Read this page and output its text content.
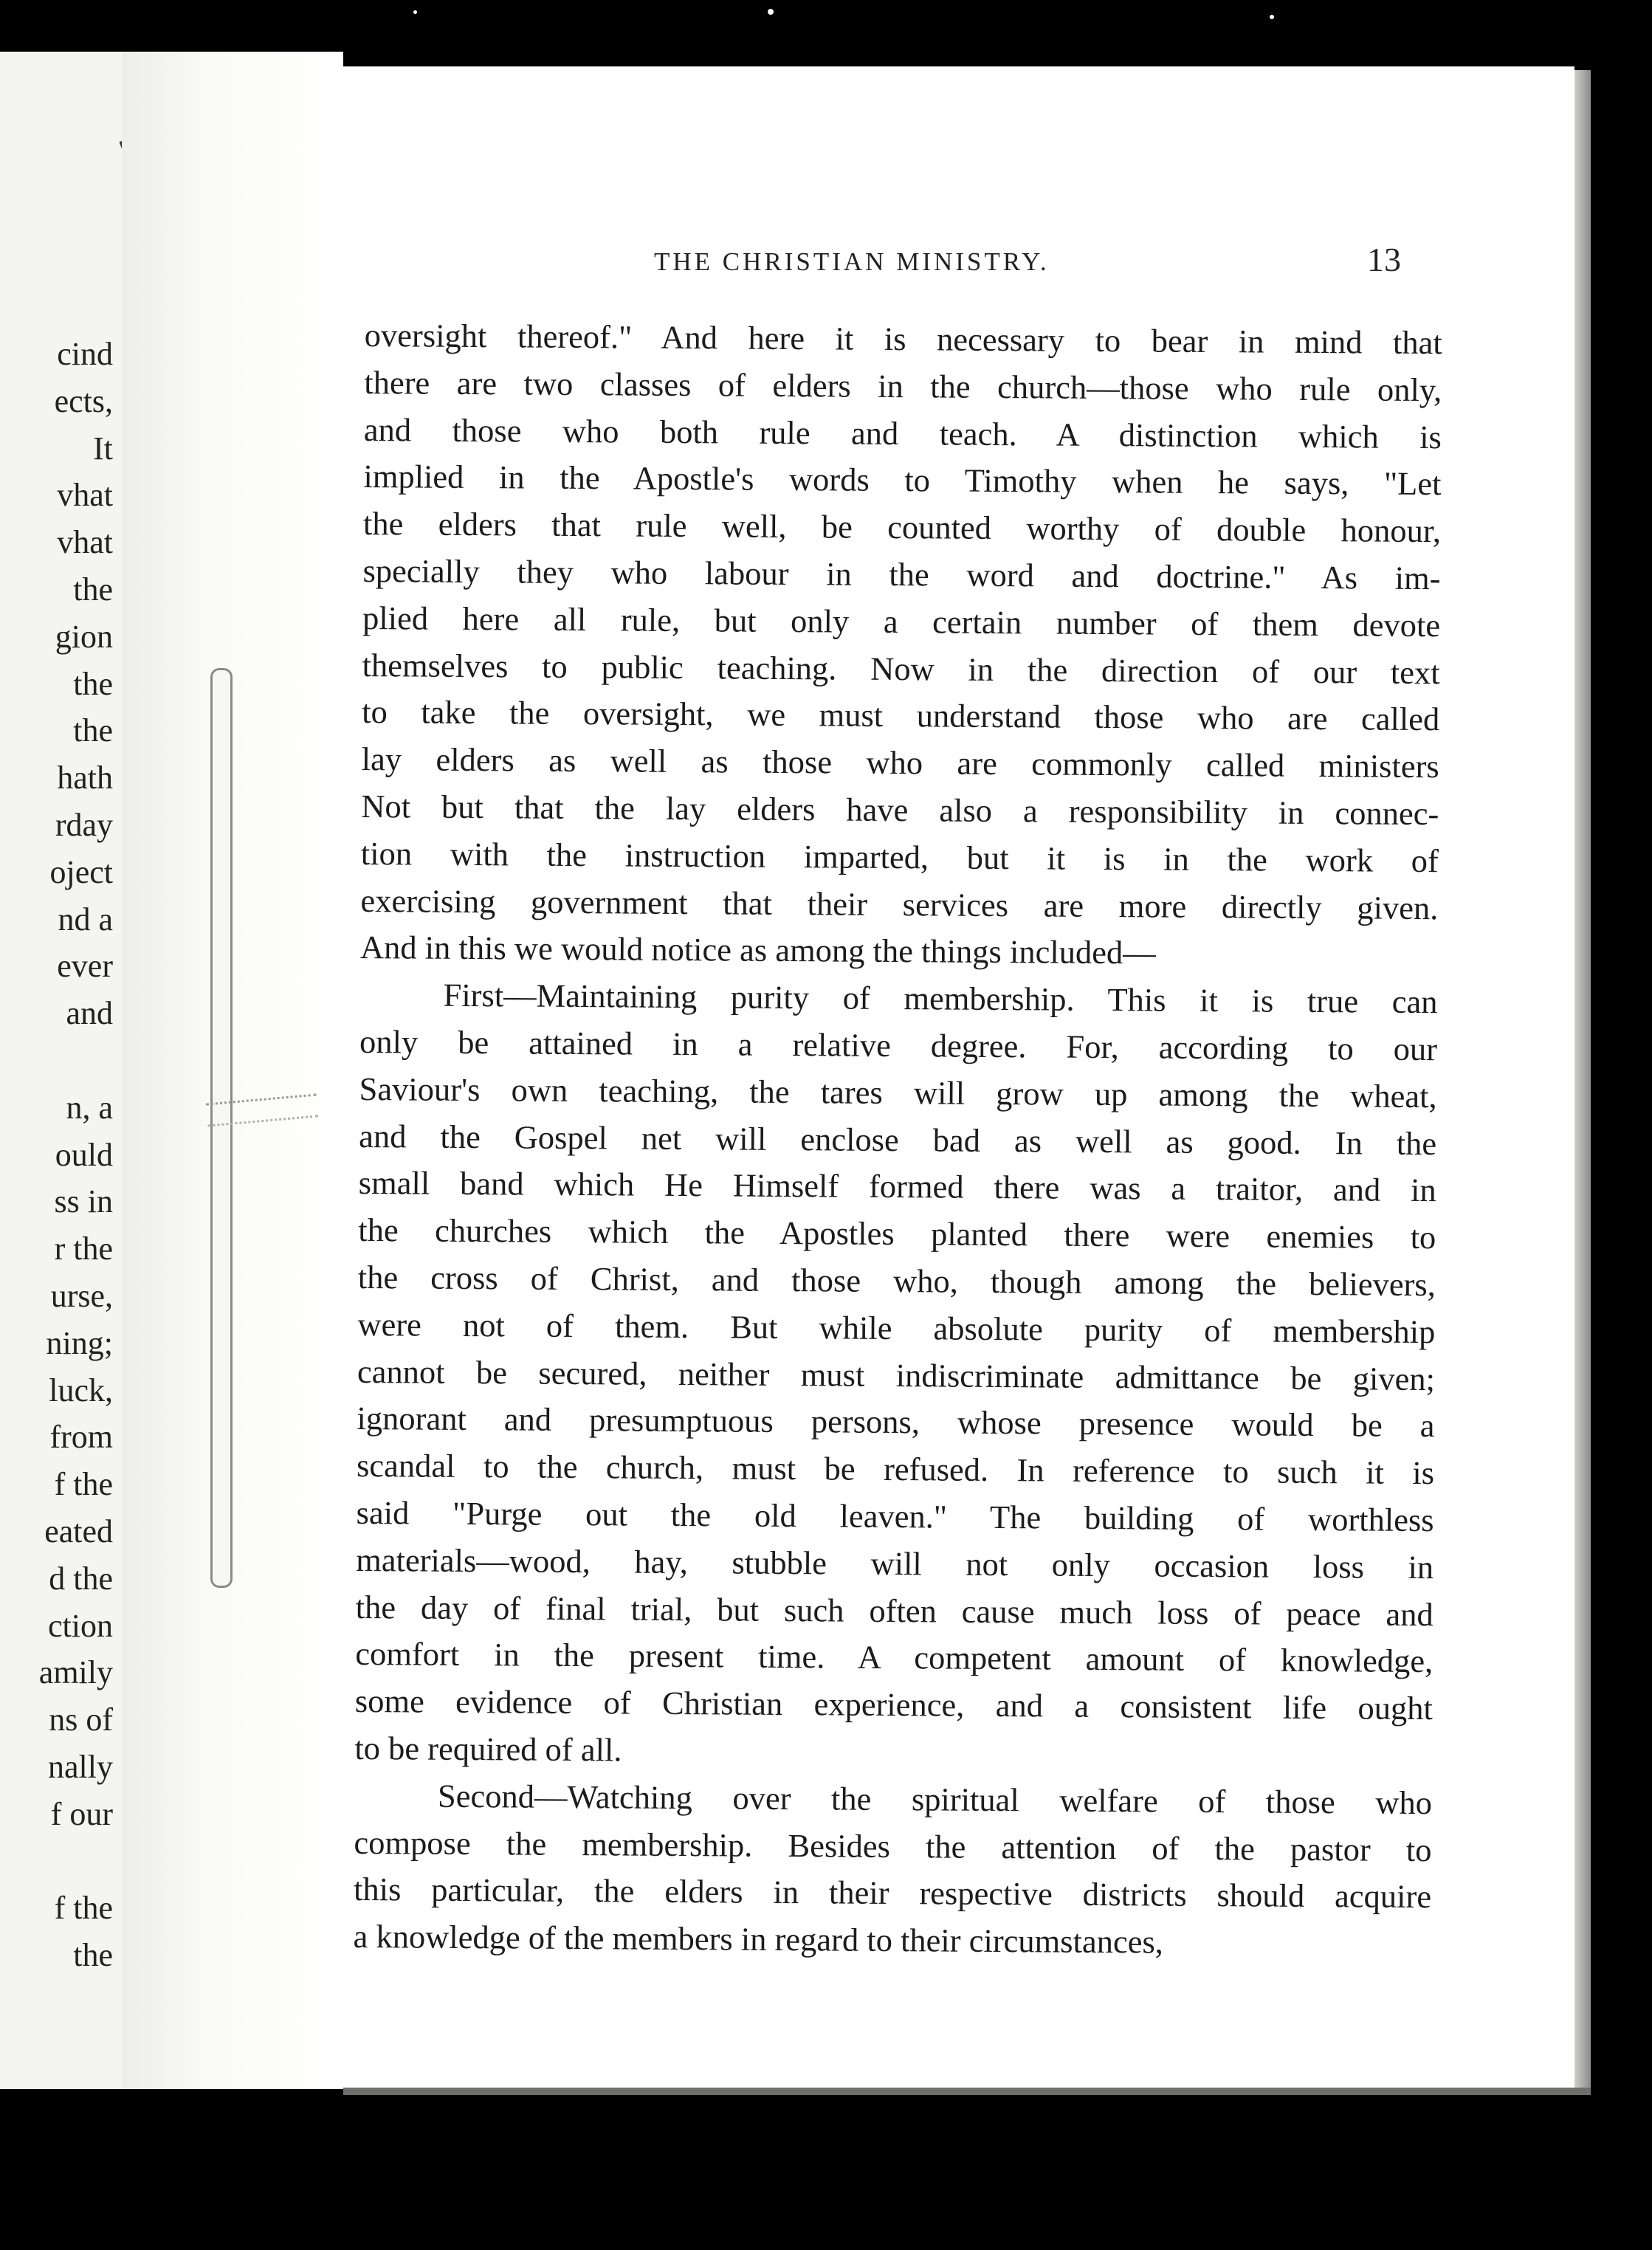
cind
ects,
It
vhat
vhat
the
gion
the
the
hath
rday
oject
nd a
ever
and
n, a
ould
ss in
r the
urse,
ning;
luck,
from
f the
eated
d the
ction
amily
ns of
nally
f our
f the
the
THE CHRISTIAN MINISTRY.	13
oversight thereof." And here it is necessary to bear in mind that
there are two classes of elders in the church—those who rule only,
and those who both rule and teach. A distinction which is
implied in the Apostle's words to Timothy when he says, "Let
the elders that rule well, be counted worthy of double honour,
specially they who labour in the word and doctrine." As im-
plied here all rule, but only a certain number of them devote
themselves to public teaching. Now in the direction of our text
to take the oversight, we must understand those who are called
lay elders as well as those who are commonly called ministers
Not but that the lay elders have also a responsibility in connec-
tion with the instruction imparted, but it is in the work of
exercising government that their services are more directly given.
And in this we would notice as among the things included—
First—Maintaining purity of membership. This it is true can
only be attained in a relative degree. For, according to our
Saviour's own teaching, the tares will grow up among the wheat,
and the Gospel net will enclose bad as well as good. In the
small band which He Himself formed there was a traitor, and in
the churches which the Apostles planted there were enemies to
the cross of Christ, and those who, though among the believers,
were not of them. But while absolute purity of membership
cannot be secured, neither must indiscriminate admittance be given;
ignorant and presumptuous persons, whose presence would be a
scandal to the church, must be refused. In reference to such it is
said "Purge out the old leaven." The building of worthless
materials—wood, hay, stubble will not only occasion loss in
the day of final trial, but such often cause much loss of peace and
comfort in the present time. A competent amount of knowledge,
some evidence of Christian experience, and a consistent life ought
to be required of all.
Second—Watching over the spiritual welfare of those who
compose the membership. Besides the attention of the pastor to
this particular, the elders in their respective districts should acquire
a knowledge of the members in regard to their circumstances,
